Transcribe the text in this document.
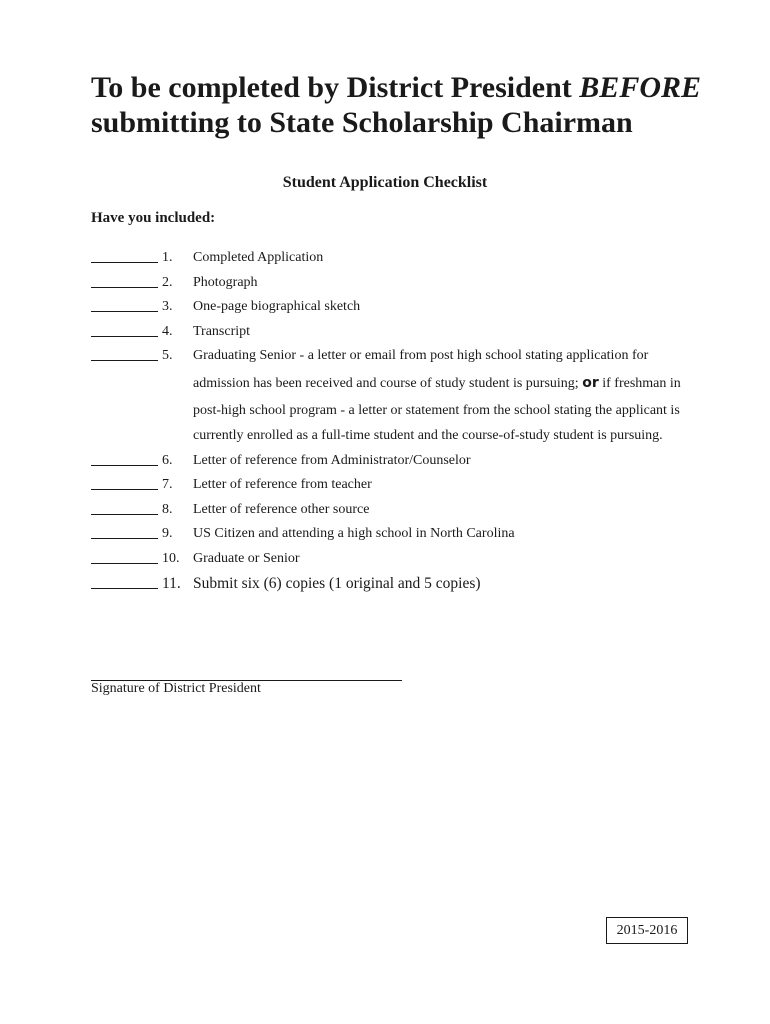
To be completed by District President BEFORE submitting to State Scholarship Chairman
Student Application Checklist
Have you included:
1. Completed Application
2. Photograph
3. One-page biographical sketch
4. Transcript
5. Graduating Senior - a letter or email from post high school stating application for
admission has been received and course of study student is pursuing; or if freshman in
post-high school program - a letter or statement from the school stating the applicant is
currently enrolled as a full-time student and the course-of-study student is pursuing.
6. Letter of reference from Administrator/Counselor
7. Letter of reference from teacher
8. Letter of reference other source
9. US Citizen and attending a high school in North Carolina
10. Graduate or Senior
11. Submit six (6) copies (1 original and 5 copies)
Signature of District President
2015-2016
